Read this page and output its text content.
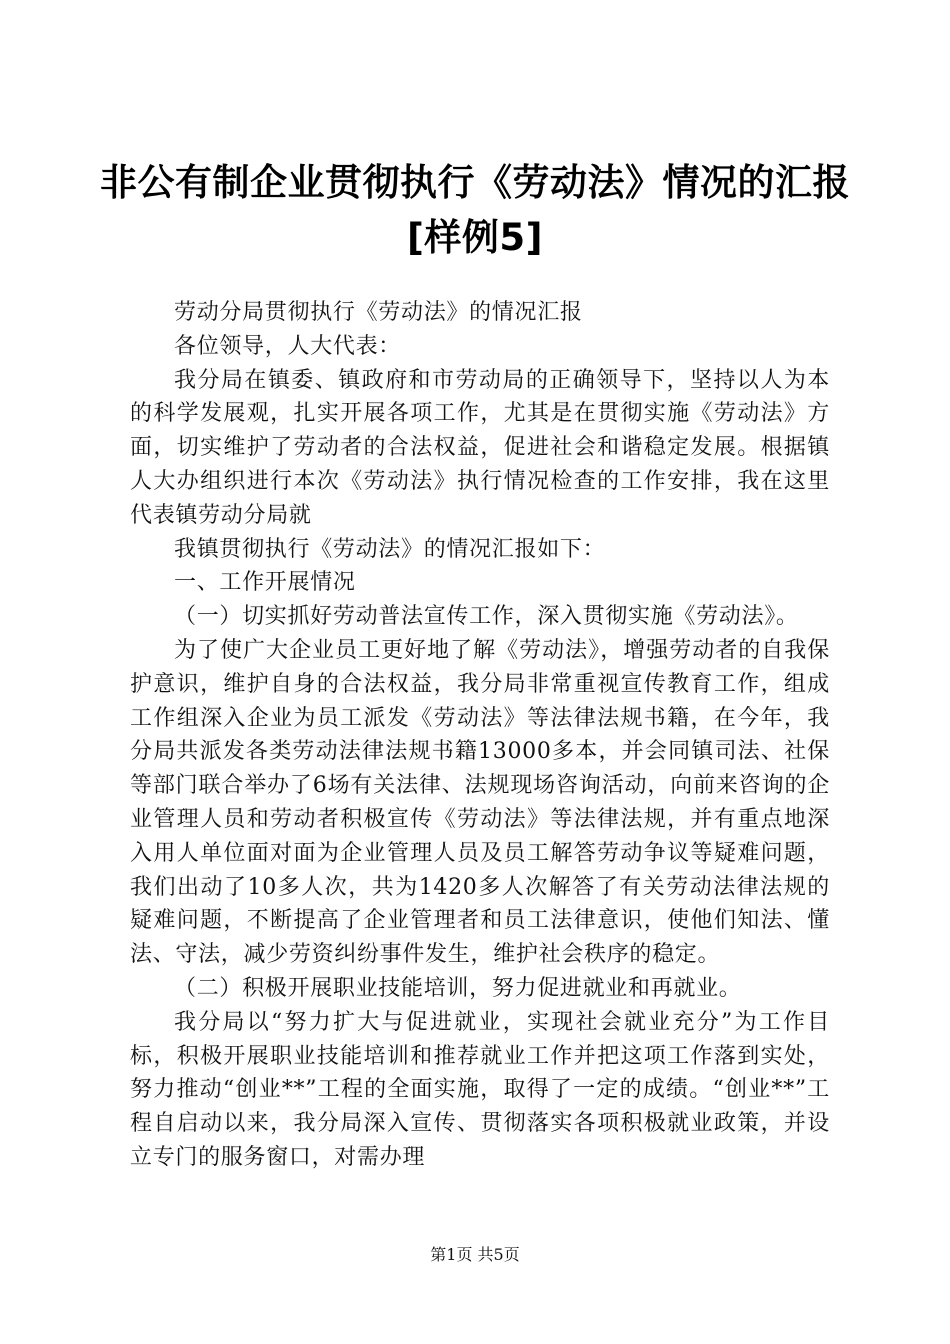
非公有制企业贯彻执行《劳动法》情况的汇报
[样例5]

劳动分局贯彻执行《劳动法》的情况汇报

各位领导，人大代表：

我分局在镇委、镇政府和市劳动局的正确领导下，坚持以人为本的科学发展观，扎实开展各项工作，尤其是在贯彻实施《劳动法》方面，切实维护了劳动者的合法权益，促进社会和谐稳定发展。根据镇人大办组织进行本次《劳动法》执行情况检查的工作安排，我在这里代表镇劳动分局就

我镇贯彻执行《劳动法》的情况汇报如下：

一、工作开展情况

（一）切实抓好劳动普法宣传工作，深入贯彻实施《劳动法》。

为了使广大企业员工更好地了解《劳动法》，增强劳动者的自我保护意识，维护自身的合法权益，我分局非常重视宣传教育工作，组成工作组深入企业为员工派发《劳动法》等法律法规书籍，在今年，我分局共派发各类劳动法律法规书籍13000多本，并会同镇司法、社保等部门联合举办了6场有关法律、法规现场咨询活动，向前来咨询的企业管理人员和劳动者积极宣传《劳动法》等法律法规，并有重点地深入用人单位面对面为企业管理人员及员工解答劳动争议等疑难问题，我们出动了10多人次，共为1420多人次解答了有关劳动法律法规的疑难问题，不断提高了企业管理者和员工法律意识，使他们知法、懂法、守法，减少劳资纠纷事件发生，维护社会秩序的稳定。

（二）积极开展职业技能培训，努力促进就业和再就业。

我分局以“努力扩大与促进就业，实现社会就业充分”为工作目标，积极开展职业技能培训和推荐就业工作并把这项工作落到实处，努力推动“创业**”工程的全面实施，取得了一定的成绩。“创业**”工程自启动以来，我分局深入宣传、贯彻落实各项积极就业政策，并设立专门的服务窗口，对需办理

第1页 共5页
